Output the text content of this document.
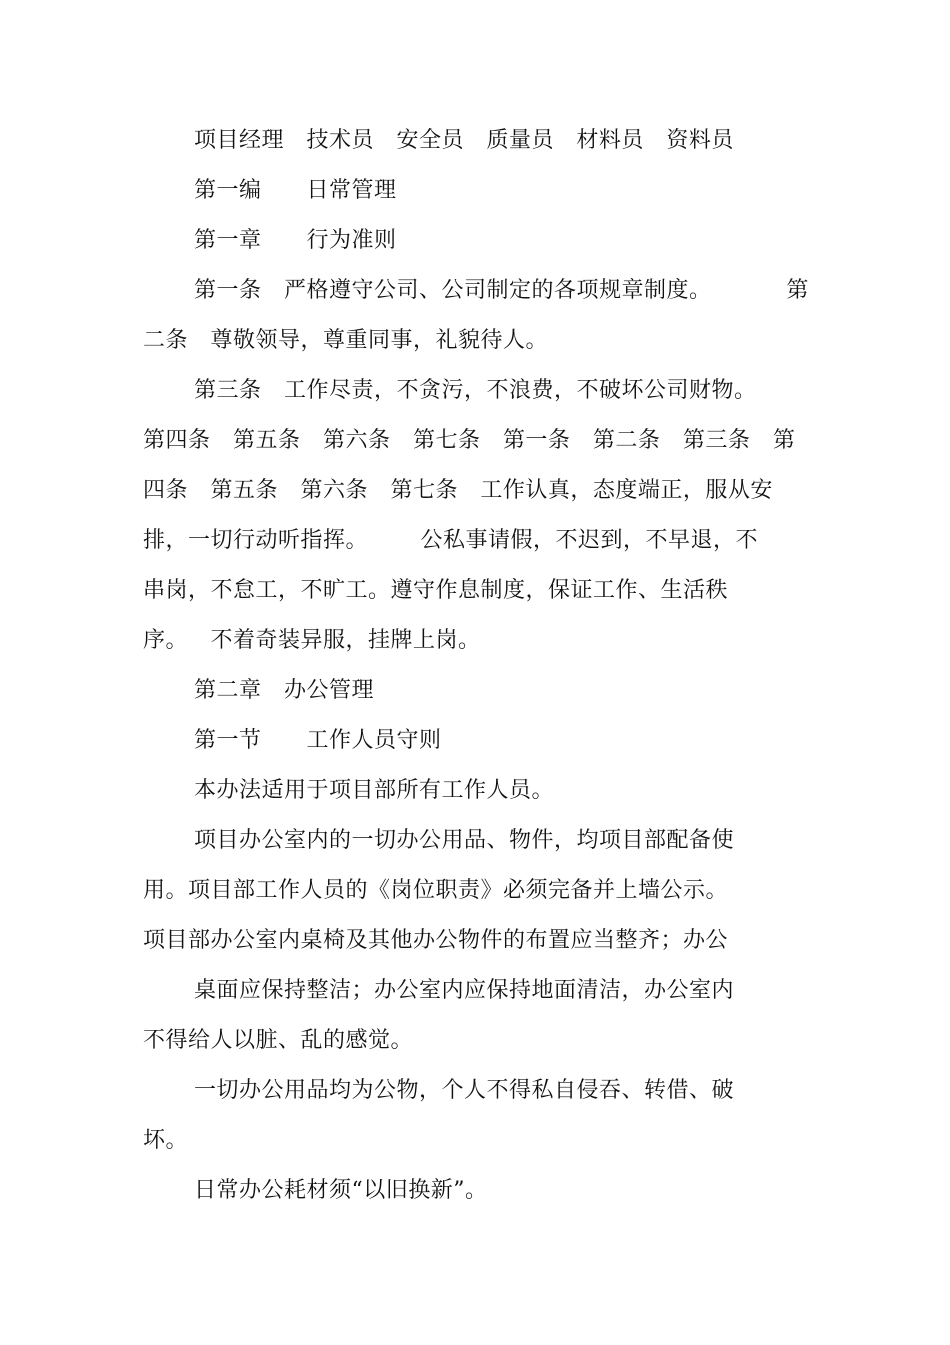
项目经理   技术员   安全员   质量员   材料员   资料员
第一编      日常管理
第一章      行为准则
第一条   严格遵守公司、公司制定的各项规章制度。          第
二条   尊敬领导，尊重同事，礼貌待人。
第三条   工作尽责，不贪污，不浪费，不破坏公司财物。
第四条   第五条   第六条   第七条   第一条   第二条   第三条   第
四条   第五条   第六条   第七条   工作认真，态度端正，服从安
排，一切行动听指挥。       公私事请假，不迟到，不早退，不
串岗，不怠工，不旷工。遵守作息制度，保证工作、生活秩
序。   不着奇装异服，挂牌上岗。
第二章   办公管理
第一节      工作人员守则
本办法适用于项目部所有工作人员。
项目办公室内的一切办公用品、物件，均项目部配备使
用。项目部工作人员的《岗位职责》必须完备并上墙公示。
项目部办公室内桌椅及其他办公物件的布置应当整齐；办公
桌面应保持整洁；办公室内应保持地面清洁，办公室内
不得给人以脏、乱的感觉。
一切办公用品均为公物，个人不得私自侵吞、转借、破
坏。
日常办公耗材须“以旧换新”。
